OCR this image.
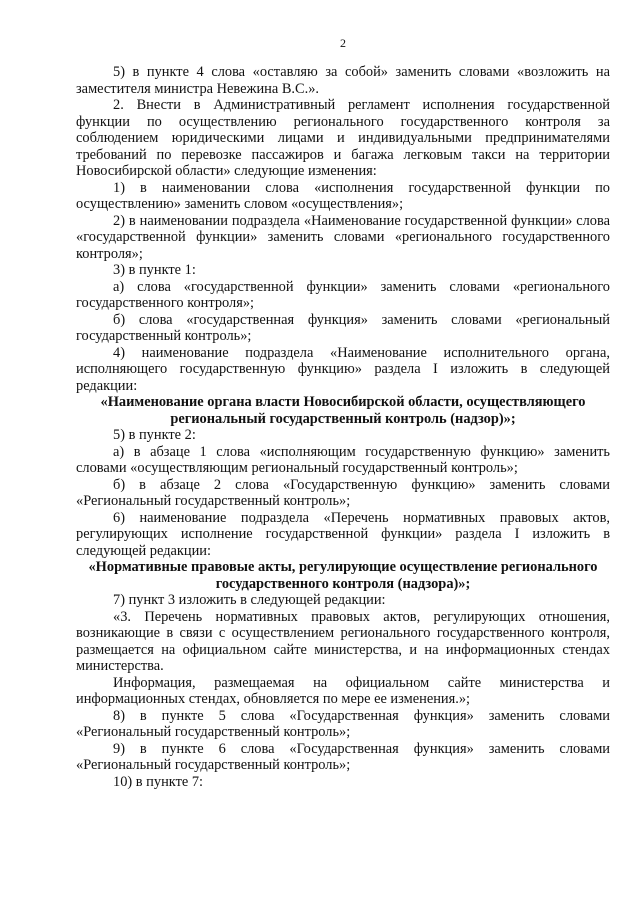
2

5) в пункте 4 слова «оставляю за собой» заменить словами «возложить на заместителя министра Невежина В.С.».

2. Внести в Административный регламент исполнения государственной функции по осуществлению регионального государственного контроля за соблюдением юридическими лицами и индивидуальными предпринимателями требований по перевозке пассажиров и багажа легковым такси на территории Новосибирской области» следующие изменения:

1) в наименовании слова «исполнения государственной функции по осуществлению» заменить словом «осуществления»;

2) в наименовании подраздела «Наименование государственной функции» слова «государственной функции» заменить словами «регионального государственного контроля»;

3) в пункте 1:

а) слова «государственной функции» заменить словами «регионального государственного контроля»;

б) слова «государственная функция» заменить словами «региональный государственный контроль»;

4) наименование подраздела «Наименование исполнительного органа, исполняющего государственную функцию» раздела I изложить в следующей редакции:

«Наименование органа власти Новосибирской области, осуществляющего региональный государственный контроль (надзор)»;

5) в пункте 2:

а) в абзаце 1 слова «исполняющим государственную функцию» заменить словами «осуществляющим региональный государственный контроль»;

б) в абзаце 2 слова «Государственную функцию» заменить словами «Региональный государственный контроль»;

6) наименование подраздела «Перечень нормативных правовых актов, регулирующих исполнение государственной функции» раздела I изложить в следующей редакции:

«Нормативные правовые акты, регулирующие осуществление регионального государственного контроля (надзора)»;

7) пункт 3 изложить в следующей редакции:

«3. Перечень нормативных правовых актов, регулирующих отношения, возникающие в связи с осуществлением регионального государственного контроля, размещается на официальном сайте министерства, и на информационных стендах министерства.

Информация, размещаемая на официальном сайте министерства и информационных стендах, обновляется по мере ее изменения.»;

8) в пункте 5 слова «Государственная функция» заменить словами «Региональный государственный контроль»;

9) в пункте 6 слова «Государственная функция» заменить словами «Региональный государственный контроль»;

10) в пункте 7:
